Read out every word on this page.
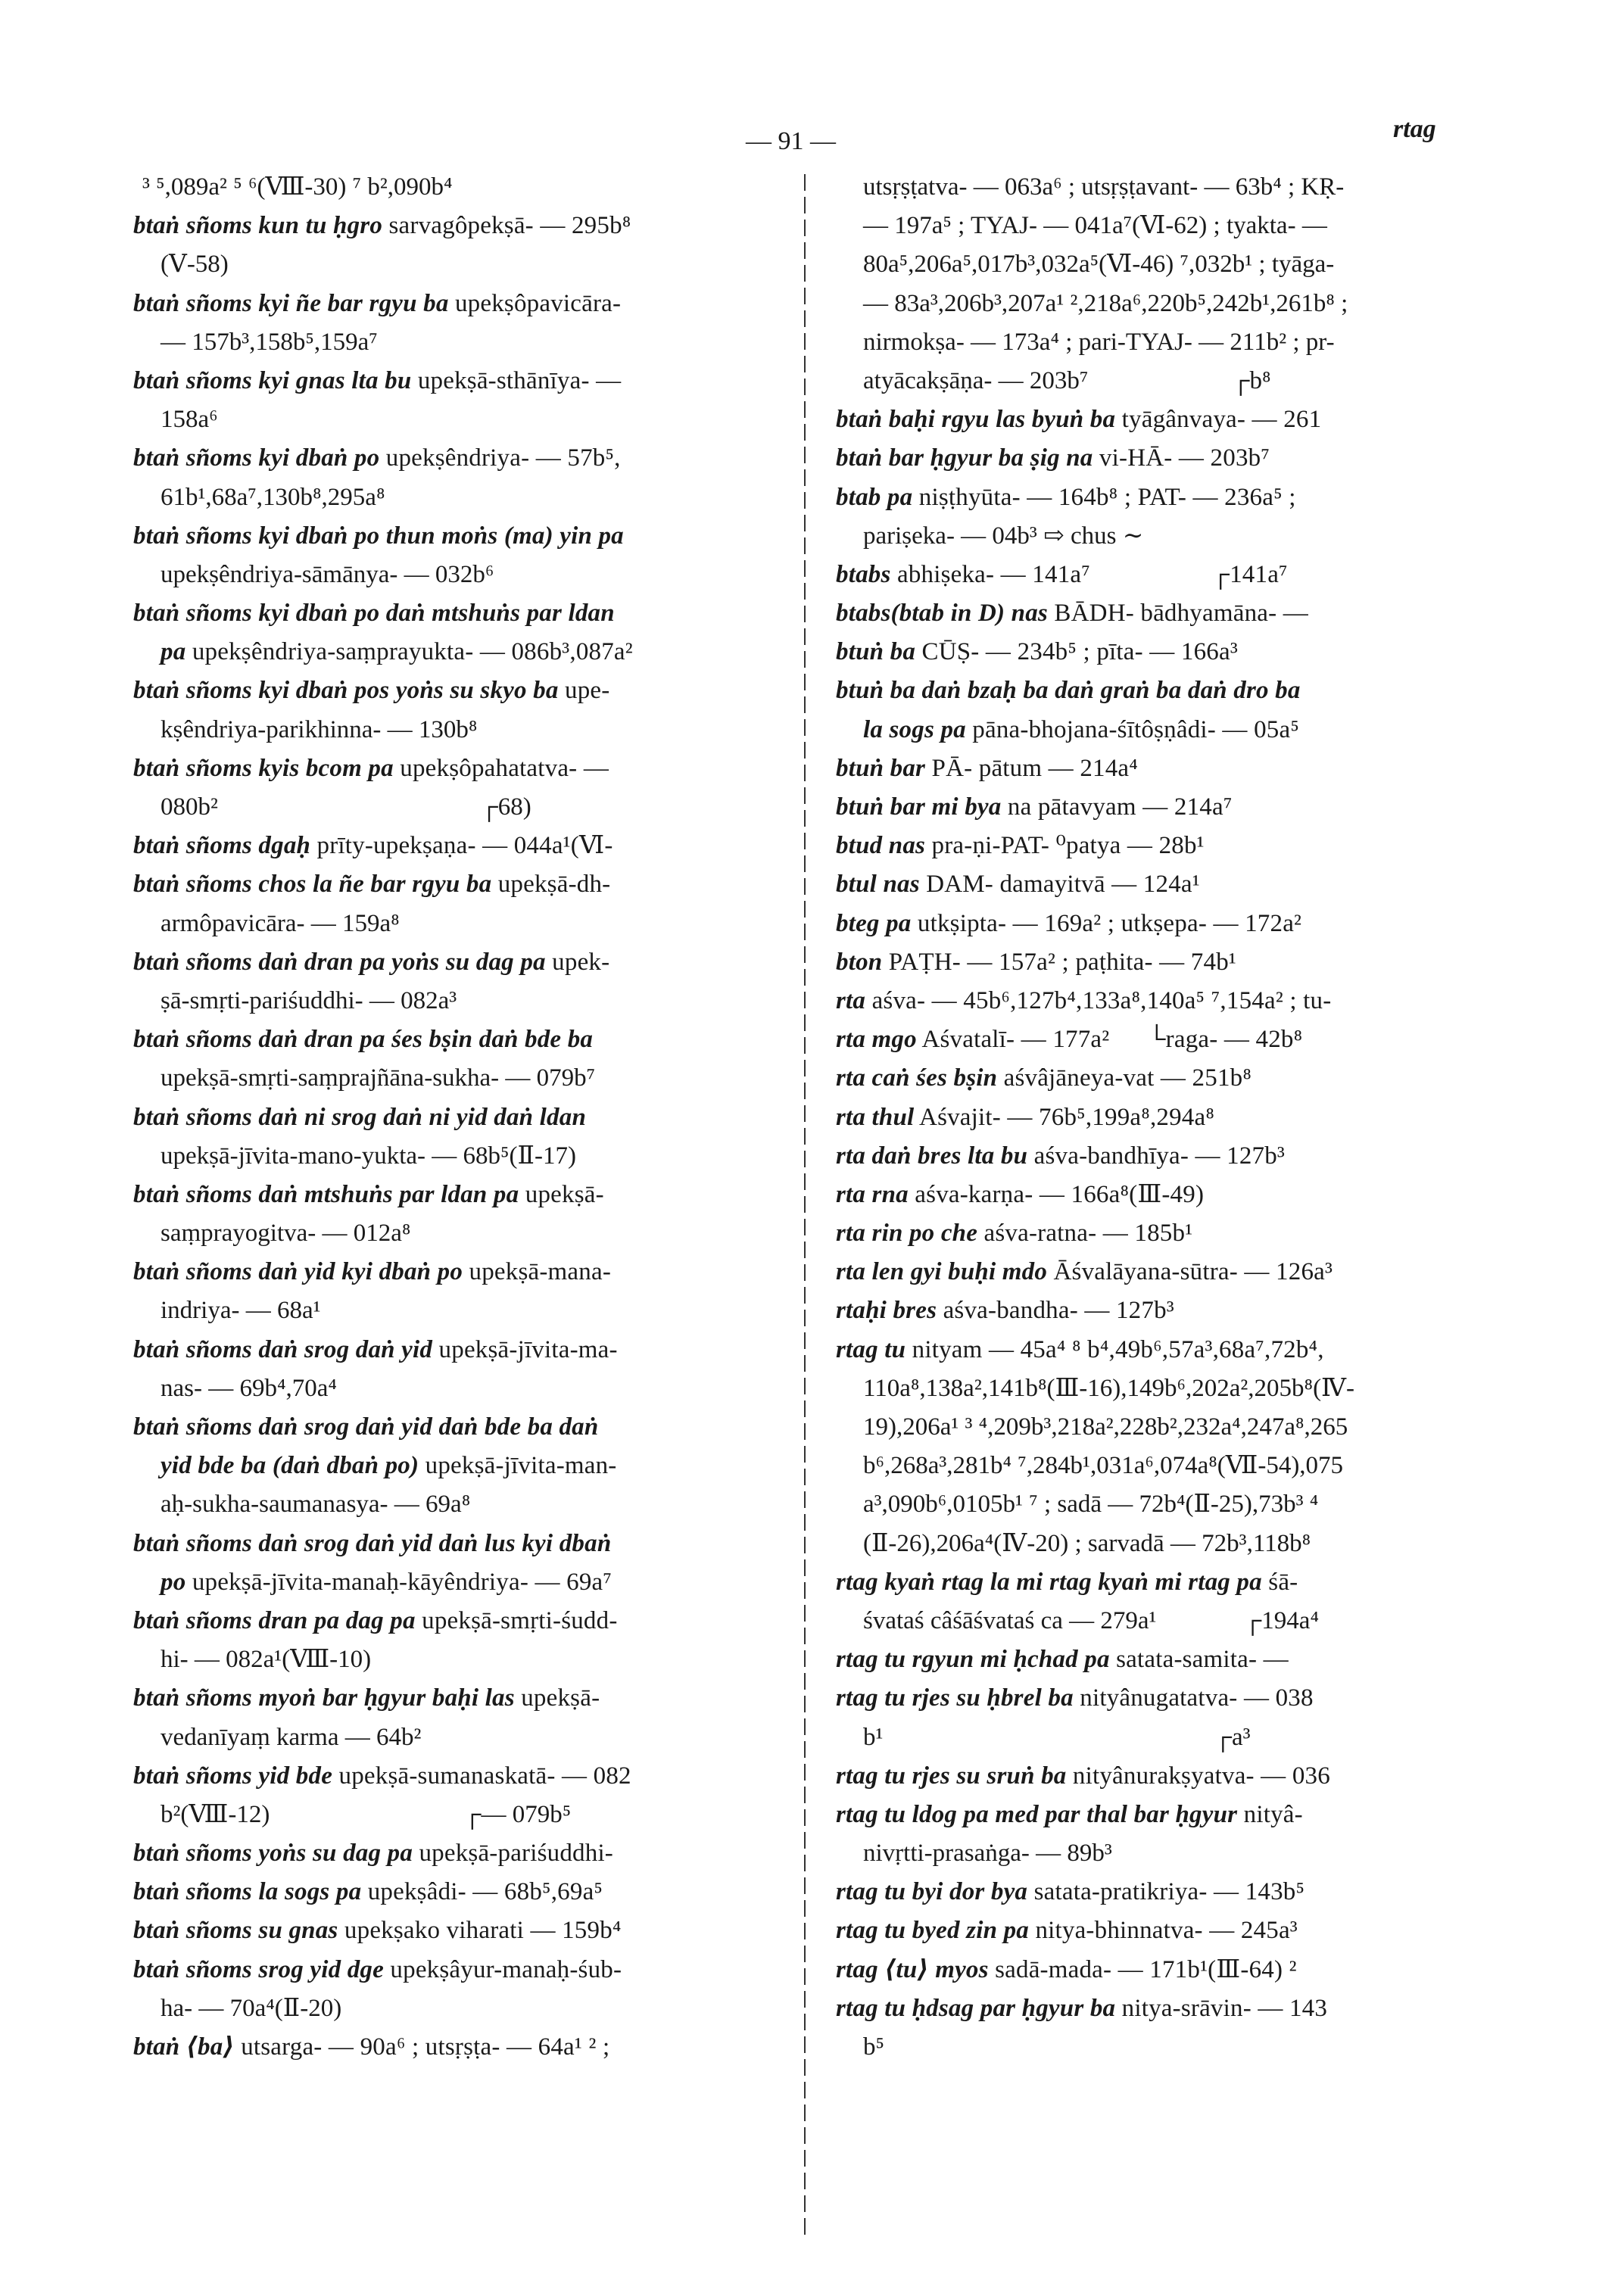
— 91 —	rtag
³ ⁵,089a² ⁵ ⁶(Ⅷ-30) ⁷ b²,090b⁴
btaṅ sñoms kun tu ḥgro sarvagôpekṣā- — 295b⁸
(Ⅴ-58)
btaṅ sñoms kyi ñe bar rgyu ba upekṣôpavicāra-
— 157b³,158b⁵,159a⁷
btaṅ sñoms kyi gnas lta bu upekṣā-sthānīya- —
158a⁶
btaṅ sñoms kyi dbaṅ po upekṣêndriya- — 57b⁵,
61b¹,68a⁷,130b⁸,295a⁸
btaṅ sñoms kyi dbaṅ po thun moṅs (ma) yin pa
upekṣêndriya-sāmānya- — 032b⁶
btaṅ sñoms kyi dbaṅ po daṅ mtshuṅs par ldan
pa upekṣêndriya-saṃprayukta- — 086b³,087a²
btaṅ sñoms kyi dbaṅ pos yoṅs su skyo ba upe-
kṣêndriya-parikhinna- — 130b⁸
btaṅ sñoms kyis bcom pa upekṣôpahatatva- —
080b²                                          ┌68)
btaṅ sñoms dgaḥ prīty-upekṣaṇa- — 044a¹(Ⅵ-
btaṅ sñoms chos la ñe bar rgyu ba upekṣā-dh-
armôpavicāra- — 159a⁸
btaṅ sñoms daṅ dran pa yoṅs su dag pa upek-
ṣā-smṛti-pariśuddhi- — 082a³
btaṅ sñoms daṅ dran pa śes bṣin daṅ bde ba
upekṣā-smṛti-saṃprajñāna-sukha- — 079b⁷
btaṅ sñoms daṅ ni srog daṅ ni yid daṅ ldan
upekṣā-jīvita-mano-yukta- — 68b⁵(Ⅱ-17)
btaṅ sñoms daṅ mtshuṅs par ldan pa upekṣā-
saṃprayogitva- — 012a⁸
btaṅ sñoms daṅ yid kyi dbaṅ po upekṣā-mana-
indriya- — 68a¹
btaṅ sñoms daṅ srog daṅ yid upekṣā-jīvita-ma-
nas- — 69b⁴,70a⁴
btaṅ sñoms daṅ srog daṅ yid daṅ bde ba daṅ
yid bde ba (daṅ dbaṅ po) upekṣā-jīvita-man-
aḥ-sukha-saumanasya- — 69a⁸
btaṅ sñoms daṅ srog daṅ yid daṅ lus kyi dbaṅ
po upekṣā-jīvita-manaḥ-kāyêndriya- — 69a⁷
btaṅ sñoms dran pa dag pa upekṣā-smṛti-śudd-
hi- — 082a¹(Ⅷ-10)
btaṅ sñoms myoṅ bar ḥgyur baḥi las upekṣā-
vedanīyaṃ karma — 64b²
btaṅ sñoms yid bde upekṣā-sumanaskatā- — 082
b²(Ⅷ-12)                               ┌— 079b⁵
btaṅ sñoms yoṅs su dag pa upekṣā-pariśuddhi-
btaṅ sñoms la sogs pa upekṣâdi- — 68b⁵,69a⁵
btaṅ sñoms su gnas upekṣako viharati — 159b⁴
btaṅ sñoms srog yid dge upekṣâyur-manaḥ-śub-
ha- — 70a⁴(Ⅱ-20)
btaṅ ⟨ba⟩ utsarga- — 90a⁶ ; utsṛṣṭa- — 64a¹ ² ;
utsṛṣṭatva- — 063a⁶ ; utsṛṣṭavant- — 63b⁴ ; KṚ-
— 197a⁵ ; TYAJ- — 041a⁷(Ⅵ-62) ; tyakta- —
80a⁵,206a⁵,017b³,032a⁵(Ⅵ-46) ⁷,032b¹ ; tyāga-
— 83a³,206b³,207a¹ ²,218a⁶,220b⁵,242b¹,261b⁸ ;
nirmokṣa- — 173a⁴ ; pari-TYAJ- — 211b² ; pr-
atyācakṣāṇa- — 203b⁷                       ┌b⁸
btaṅ baḥi rgyu las byuṅ ba tyāgânvaya- — 261
btaṅ bar ḥgyur ba ṣig na vi-HĀ- — 203b⁷
btab pa niṣṭhyūta- — 164b⁸ ; PAT- — 236a⁵ ;
pariṣeka- — 04b³ ⇨ chus ∼
btabs abhiṣeka- — 141a⁷                   ┌141a⁷
btabs(btab in D) nas BĀDH- bādhyamāna- —
btuṅ ba CŪṢ- — 234b⁵ ; pīta- — 166a³
btuṅ ba daṅ bzaḥ ba daṅ graṅ ba daṅ dro ba
la sogs pa pāna-bhojana-śītôṣṇâdi- — 05a⁵
btuṅ bar PĀ- pātum — 214a⁴
btuṅ bar mi bya na pātavyam — 214a⁷
btud nas pra-ṇi-PAT- ⁰patya — 28b¹
btul nas DAM- damayitvā — 124a¹
bteg pa utkṣipta- — 169a² ; utkṣepa- — 172a²
bton PAṬH- — 157a² ; paṭhita- — 74b¹
rta aśva- — 45b⁶,127b⁴,133a⁸,140a⁵ ⁷,154a² ; tu-
rta mgo Aśvatalī- — 177a²      └raga- — 42b⁸
rta caṅ śes bṣin aśvâjāneya-vat — 251b⁸
rta thul Aśvajit- — 76b⁵,199a⁸,294a⁸
rta daṅ bres lta bu aśva-bandhīya- — 127b³
rta rna aśva-karṇa- — 166a⁸(Ⅲ-49)
rta rin po che aśva-ratna- — 185b¹
rta len gyi buḥi mdo Āśvalāyana-sūtra- — 126a³
rtaḥi bres aśva-bandha- — 127b³
rtag tu nityam — 45a⁴ ⁸ b⁴,49b⁶,57a³,68a⁷,72b⁴,
110a⁸,138a²,141b⁸(Ⅲ-16),149b⁶,202a²,205b⁸(Ⅳ-
19),206a¹ ³ ⁴,209b³,218a²,228b²,232a⁴,247a⁸,265
b⁶,268a³,281b⁴ ⁷,284b¹,031a⁶,074a⁸(Ⅶ-54),075
a³,090b⁶,0105b¹ ⁷ ; sadā — 72b⁴(Ⅱ-25),73b³ ⁴
(Ⅱ-26),206a⁴(Ⅳ-20) ; sarvadā — 72b³,118b⁸
rtag kyaṅ rtag la mi rtag kyaṅ mi rtag pa śā-
śvataś câśāśvataś ca — 279a¹              ┌194a⁴
rtag tu rgyun mi ḥchad pa satata-samita- —
rtag tu rjes su ḥbrel ba nityânugatatva- — 038
b¹                                                     ┌a³
rtag tu rjes su sruṅ ba nityânurakṣyatva- — 036
rtag tu ldog pa med par thal bar ḥgyur nityâ-
nivṛtti-prasaṅga- — 89b³
rtag tu byi dor bya satata-pratikriya- — 143b⁵
rtag tu byed zin pa nitya-bhinnatva- — 245a³
rtag ⟨tu⟩ myos sadā-mada- — 171b¹(Ⅲ-64) ²
rtag tu ḥdsag par ḥgyur ba nitya-srāvin- — 143
b⁵
